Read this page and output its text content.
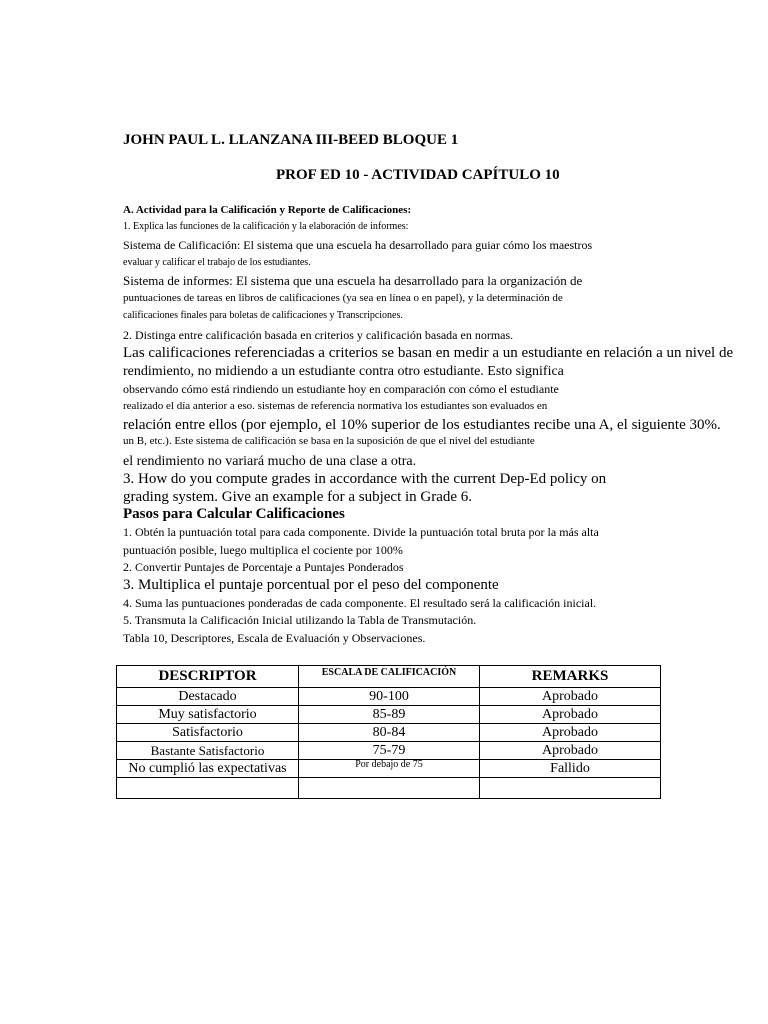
JOHN PAUL L. LLANZANA III-BEED BLOQUE 1
PROF ED 10 - ACTIVIDAD CAPÍTULO 10
A. Actividad para la Calificación y Reporte de Calificaciones:
1. Explica las funciones de la calificación y la elaboración de informes:
Sistema de Calificación: El sistema que una escuela ha desarrollado para guiar cómo los maestros
evaluar y calificar el trabajo de los estudiantes.
Sistema de informes: El sistema que una escuela ha desarrollado para la organización de
puntuaciones de tareas en libros de calificaciones (ya sea en línea o en papel), y la determinación de
calificaciones finales para boletas de calificaciones y Transcripciones.
2. Distinga entre calificación basada en criterios y calificación basada en normas.
Las calificaciones referenciadas a criterios se basan en medir a un estudiante en relación a un nivel de
rendimiento, no midiendo a un estudiante contra otro estudiante. Esto significa
observando cómo está rindiendo un estudiante hoy en comparación con cómo el estudiante
realizado el día anterior a eso. sistemas de referencia normativa los estudiantes son evaluados en
relación entre ellos (por ejemplo, el 10% superior de los estudiantes recibe una A, el siguiente 30%.
un B, etc.). Este sistema de calificación se basa en la suposición de que el nivel del estudiante
el rendimiento no variará mucho de una clase a otra.
3. How do you compute grades in accordance with the current Dep-Ed policy on
grading system. Give an example for a subject in Grade 6.
Pasos para Calcular Calificaciones
1. Obtén la puntuación total para cada componente. Divide la puntuación total bruta por la más alta
puntuación posible, luego multiplica el cociente por 100%
2. Convertir Puntajes de Porcentaje a Puntajes Ponderados
3. Multiplica el puntaje porcentual por el peso del componente
4. Suma las puntuaciones ponderadas de cada componente. El resultado será la calificación inicial.
5. Transmuta la Calificación Inicial utilizando la Tabla de Transmutación.
Tabla 10, Descriptores, Escala de Evaluación y Observaciones.
DESCRIPTOR	ESCALA DE CALIFICACIÓN	REMARKS
Destacado	90-100	Aprobado
Muy satisfactorio	85-89	Aprobado
Satisfactorio	80-84	Aprobado
Bastante Satisfactorio	75-79	Aprobado
No cumplió las expectativas	Por debajo de 75	Fallido
